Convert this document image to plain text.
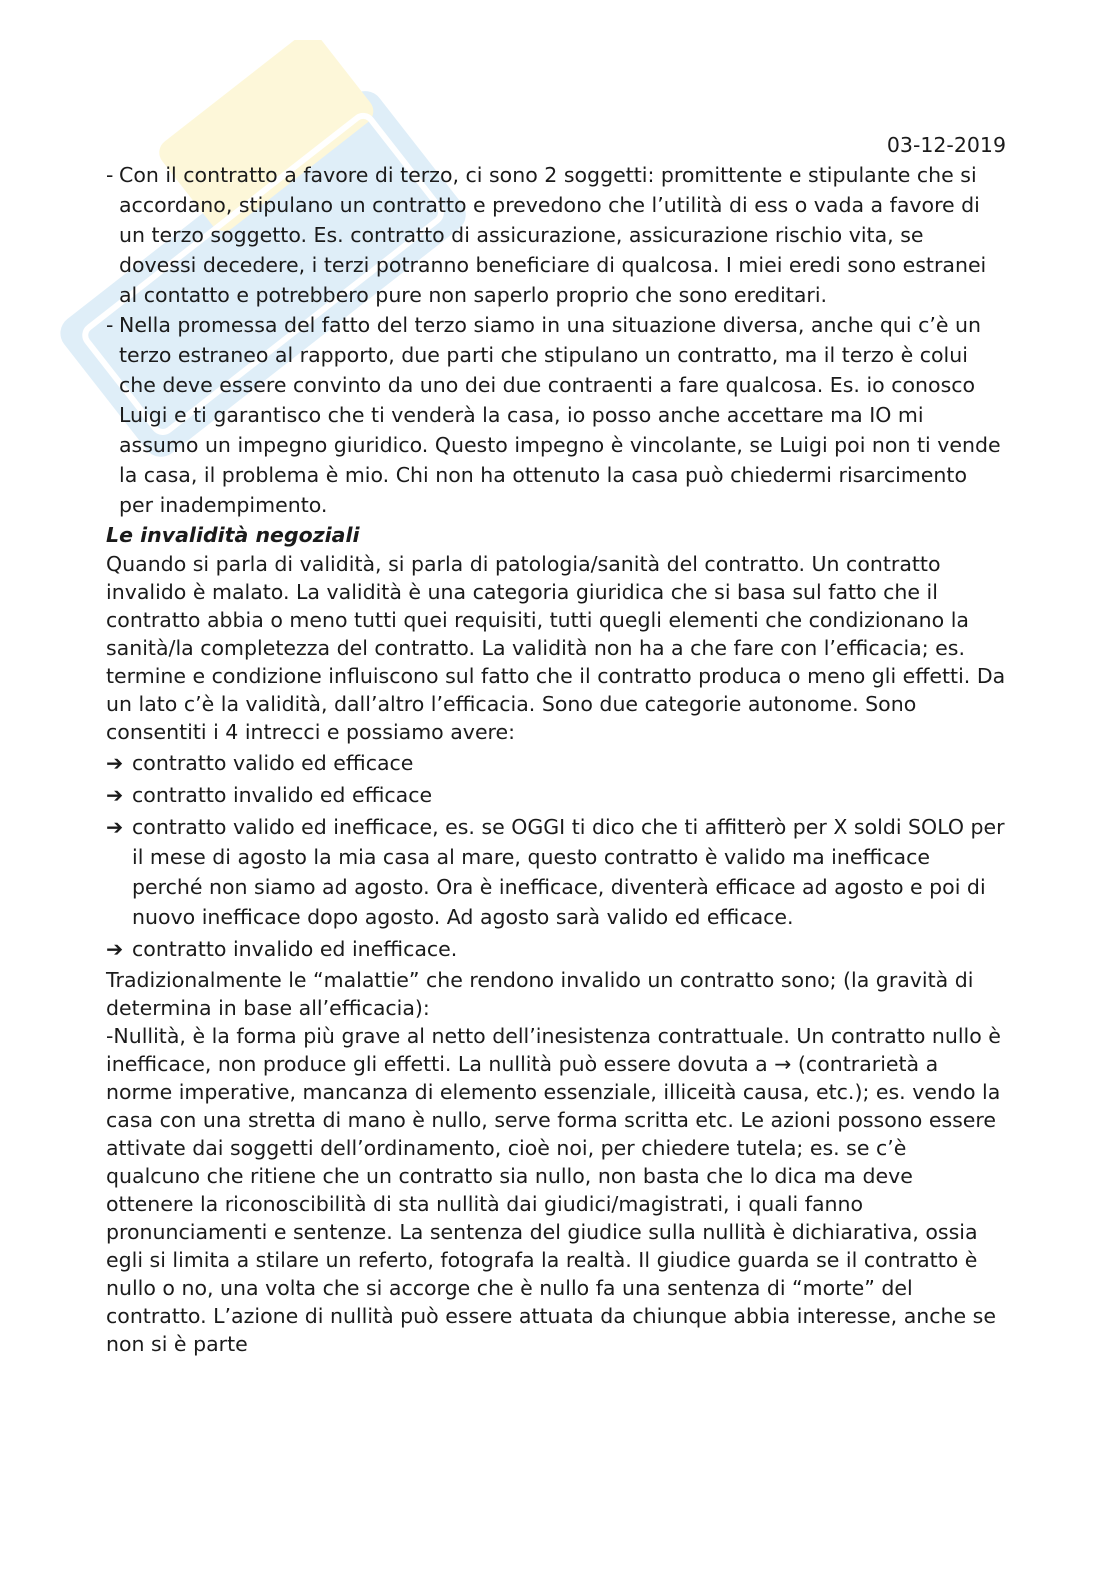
03-12-2019
- Con il contratto a favore di terzo, ci sono 2 soggetti: promittente e stipulante che si accordano, stipulano un contratto e prevedono che l’utilità di ess o vada a favore di un terzo soggetto. Es. contratto di assicurazione, assicurazione rischio vita, se dovessi decedere, i terzi potranno beneficiare di qualcosa. I miei eredi sono estranei al contatto e potrebbero pure non saperlo proprio che sono ereditari.
- Nella promessa del fatto del terzo siamo in una situazione diversa, anche qui c’è un terzo estraneo al rapporto, due parti che stipulano un contratto, ma il terzo è colui che deve essere convinto da uno dei due contraenti a fare qualcosa. Es. io conosco Luigi e ti garantisco che ti venderà la casa, io posso anche accettare ma IO mi assumo un impegno giuridico. Questo impegno è vincolante, se Luigi poi non ti vende la casa, il problema è mio. Chi non ha ottenuto la casa può chiedermi risarcimento per inadempimento.
Le invalidità negoziali
Quando si parla di validità, si parla di patologia/sanità del contratto. Un contratto invalido è malato. La validità è una categoria giuridica che si basa sul fatto che il contratto abbia o meno tutti quei requisiti, tutti quegli elementi che condizionano la sanità/la completezza del contratto. La validità non ha a che fare con l’efficacia; es. termine e condizione influiscono sul fatto che il contratto produca o meno gli effetti. Da un lato c’è la validità, dall’altro l’efficacia. Sono due categorie autonome. Sono consentiti i 4 intrecci e possiamo avere:
➔ contratto valido ed efficace
➔ contratto invalido ed efficace
➔ contratto valido ed inefficace, es. se OGGI ti dico che ti affitterò per X soldi SOLO per il mese di agosto la mia casa al mare, questo contratto è valido ma inefficace perché non siamo ad agosto. Ora è inefficace, diventerà efficace ad agosto e poi di nuovo inefficace dopo agosto. Ad agosto sarà valido ed efficace.
➔ contratto invalido ed inefficace.
Tradizionalmente le “malattie” che rendono invalido un contratto sono; (la gravità di determina in base all’efficacia):
-Nullità, è la forma più grave al netto dell’inesistenza contrattuale. Un contratto nullo è inefficace, non produce gli effetti. La nullità può essere dovuta a → (contrarietà a norme imperative, mancanza di elemento essenziale, illiceità causa, etc.); es. vendo la casa con una stretta di mano è nullo, serve forma scritta etc. Le azioni possono essere attivate dai soggetti dell’ordinamento, cioè noi, per chiedere tutela; es. se c’è qualcuno che ritiene che un contratto sia nullo, non basta che lo dica ma deve ottenere la riconoscibilità di sta nullità dai giudici/magistrati, i quali fanno pronunciamenti e sentenze. La sentenza del giudice sulla nullità è dichiarativa, ossia egli si limita a stilare un referto, fotografa la realtà. Il giudice guarda se il contratto è nullo o no, una volta che si accorge che è nullo fa una sentenza di “morte” del contratto. L’azione di nullità può essere attuata da chiunque abbia interesse, anche se non si è parte
